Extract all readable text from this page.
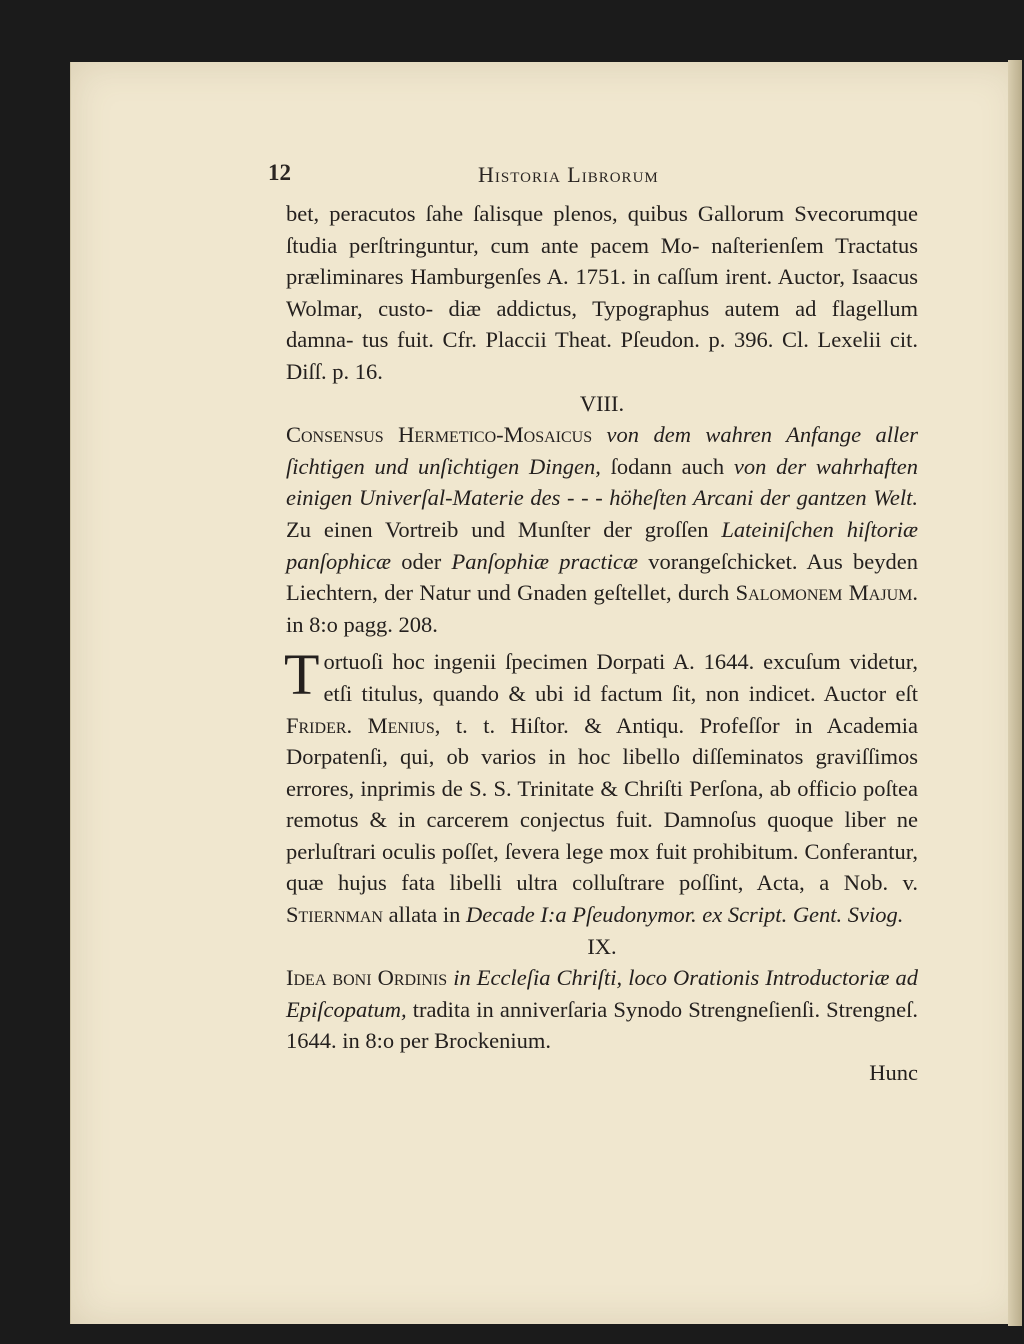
12	Historia Librorum

bet, peracutos ſahe ſalisque plenos, quibus Gallorum Svecorumque ſtudia perſtringuntur, cum ante pacem Mo- naſterienſem Tractatus præliminares Hamburgenſes A. 1751. in caſſum irent. Auctor, Isaacus Wolmar, custo- diæ addictus, Typographus autem ad flagellum damna- tus fuit. Cfr. Placcii Theat. Pſeudon. p. 396. Cl. Lexelii cit. Diſſ. p. 16.

VIII.

Consensus Hermetico-Mosaicus von dem wahren Anfange aller ſichtigen und unſichtigen Dingen, ſodann auch von der wahrhaften einigen Univerſal-Materie des - - - höheſten Arcani der gantzen Welt. Zu einen Vortreib und Munſter der groſſen Lateiniſchen hiſtoriæ panſophicæ oder Panſophiæ practicæ vorangeſchicket. Aus beyden Liechtern, der Natur und Gnaden geſtellet, durch Salomonem Majum. in 8:o pagg. 208.

T ortuoſi hoc ingenii ſpecimen Dorpati A. 1644. excuſum videtur, etſi titulus, quando & ubi id factum ſit, non indicet. Auctor eſt Frider. Menius, t. t. Hiſtor. & Antiqu. Profeſſor in Academia Dorpatenſi, qui, ob varios in hoc libello diſſeminatos graviſſimos errores, inprimis de S. S. Trinitate & Chriſti Perſona, ab officio poſtea remotus & in carcerem conjectus fuit. Damnoſus quoque liber ne perluſtrari oculis poſſet, ſevera lege mox fuit prohibitum. Conferantur, quæ hujus fata libelli ultra colluſtrare poſſint, Acta, a Nob. v. Stiernman allata in Decade I:a Pſeudonymor. ex Script. Gent. Sviog.

IX.

Idea boni Ordinis in Eccleſia Chriſti, loco Orationis Introductoriæ ad Epiſcopatum, tradita in anniverſaria Synodo Strengneſienſi. Strengneſ. 1644. in 8:o per Brockenium.

Hunc
